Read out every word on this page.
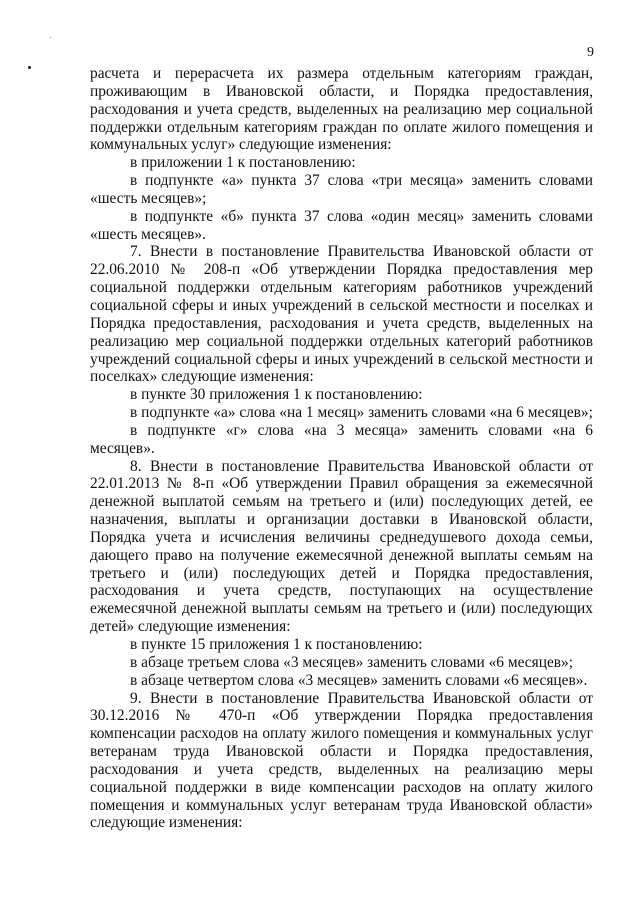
9

расчета и перерасчета их размера отдельным категориям граждан, проживающим в Ивановской области, и Порядка предоставления, расходования и учета средств, выделенных на реализацию мер социальной поддержки отдельным категориям граждан по оплате жилого помещения и коммунальных услуг» следующие изменения:

в приложении 1 к постановлению:

в подпункте «а» пункта 37 слова «три месяца» заменить словами «шесть месяцев»;

в подпункте «б» пункта 37 слова «один месяц» заменить словами «шесть месяцев».

7. Внести в постановление Правительства Ивановской области от 22.06.2010 № 208-п «Об утверждении Порядка предоставления мер социальной поддержки отдельным категориям работников учреждений социальной сферы и иных учреждений в сельской местности и поселках и Порядка предоставления, расходования и учета средств, выделенных на реализацию мер социальной поддержки отдельных категорий работников учреждений социальной сферы и иных учреждений в сельской местности и поселках» следующие изменения:

в пункте 30 приложения 1 к постановлению:

в подпункте «а» слова «на 1 месяц» заменить словами «на 6 месяцев»;

в подпункте «г» слова «на 3 месяца» заменить словами «на 6 месяцев».

8. Внести в постановление Правительства Ивановской области от 22.01.2013 № 8-п «Об утверждении Правил обращения за ежемесячной денежной выплатой семьям на третьего и (или) последующих детей, ее назначения, выплаты и организации доставки в Ивановской области, Порядка учета и исчисления величины среднедушевого дохода семьи, дающего право на получение ежемесячной денежной выплаты семьям на третьего и (или) последующих детей и Порядка предоставления, расходования и учета средств, поступающих на осуществление ежемесячной денежной выплаты семьям на третьего и (или) последующих детей» следующие изменения:

в пункте 15 приложения 1 к постановлению:

в абзаце третьем слова «3 месяцев» заменить словами «6 месяцев»;

в абзаце четвертом слова «3 месяцев» заменить словами «6 месяцев».

9. Внести в постановление Правительства Ивановской области от 30.12.2016 № 470-п «Об утверждении Порядка предоставления компенсации расходов на оплату жилого помещения и коммунальных услуг ветеранам труда Ивановской области и Порядка предоставления, расходования и учета средств, выделенных на реализацию меры социальной поддержки в виде компенсации расходов на оплату жилого помещения и коммунальных услуг ветеранам труда Ивановской области» следующие изменения:
